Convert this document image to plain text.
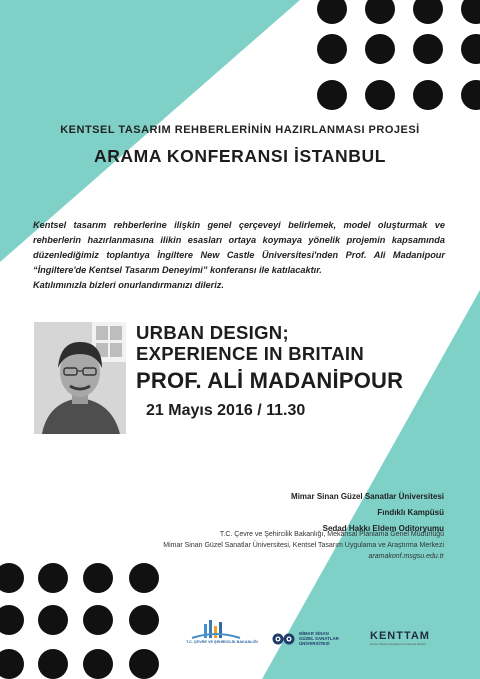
KENTSEL TASARIM REHBERLERİNİN HAZIRLANMASI PROJESİ
ARAMA KONFERANSI İSTANBUL

Kentsel tasarım rehberlerine ilişkin genel çerçeveyi belirlemek, model oluşturmak ve rehberlerin hazırlanmasına ilikin esasları ortaya koymaya yönelik projemin kapsamında düzenlediğimiz toplantıya İngiltere New Castle Üniversitesi'nden Prof. Ali Madanipour “İngiltere'de Kentsel Tasarım Deneyimi” konferansı ile katılacaktır.

Katılımınızla bizleri onurlandırmanızı dileriz.

URBAN DESIGN;
EXPERIENCE IN BRITAIN
PROF. ALİ MADANİPOUR
21 Mayıs 2016 / 11.30
Mimar Sinan Güzel Sanatlar Üniversitesi
Fındıklı Kampüsü
Sedad Hakkı Eldem Oditoryumu
T.C. Çevre ve Şehircilik Bakanlığı, Mekânsal Planlama Genel Müdürlüğü
Mimar Sinan Güzel Sanatlar Üniversitesi, Kentsel Tasarım Uygulama ve Araştırma Merkezi
aramakonf.msgsu.edu.tr
T.C. ÇEVRE VE ŞEHİRCİLİK BAKANLIĞI
MİMAR SİNAN
GÜZEL SANATLAR
ÜNİVERSİTESİ
KENTTAM
Kentsel Tasarım Uygulama ve Araştırma Merkezi
